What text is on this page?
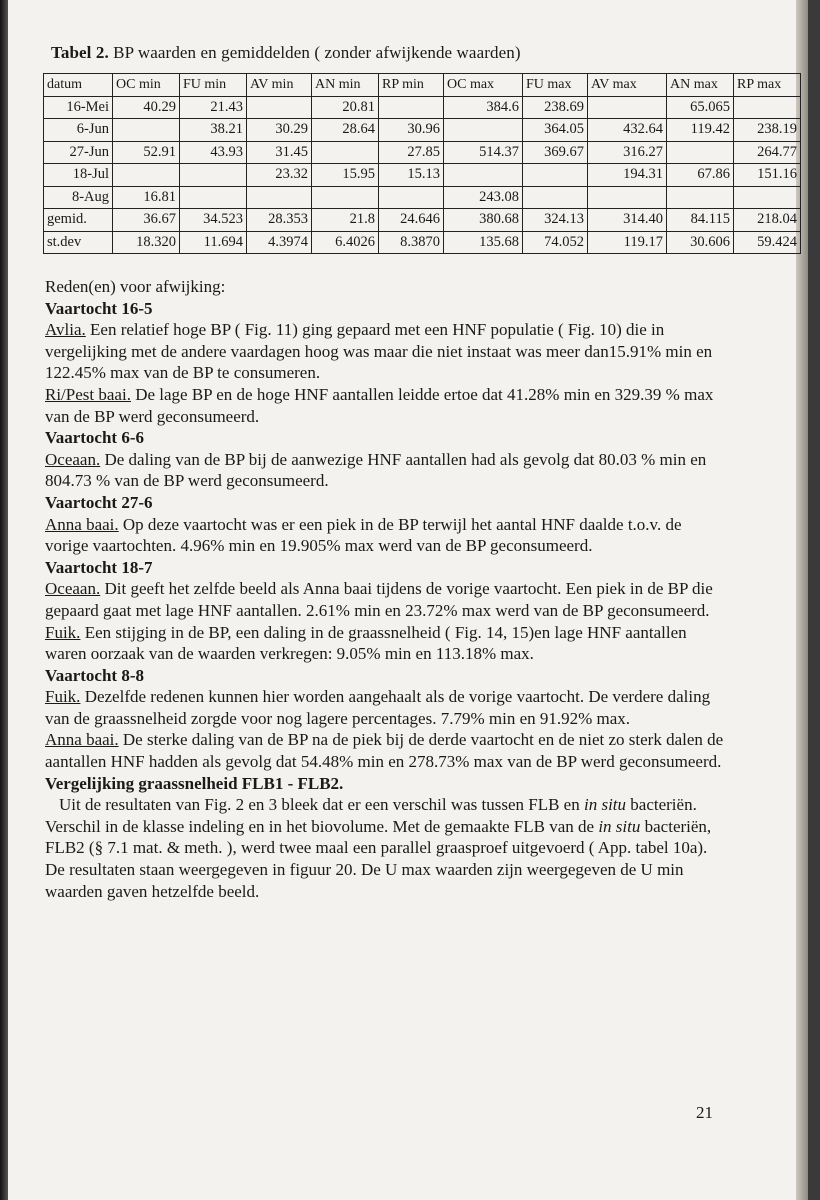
Tabel 2. BP waarden en gemiddelden ( zonder afwijkende waarden)
datum	OC min	FU min	AV min	AN min	RP min	OC max	FU max	AV max	AN max	RP max
16-Mei	40.29	21.43		20.81		384.6	238.69		65.065	
6-Jun		38.21	30.29	28.64	30.96		364.05	432.64	119.42	238.19
27-Jun	52.91	43.93	31.45		27.85	514.37	369.67	316.27		264.77
18-Jul			23.32	15.95	15.13			194.31	67.86	151.16
8-Aug	16.81					243.08				
gemid.	36.67	34.523	28.353	21.8	24.646	380.68	324.13	314.40	84.115	218.04
st.dev	18.320	11.694	4.3974	6.4026	8.3870	135.68	74.052	119.17	30.606	59.424

Reden(en) voor afwijking:

Vaartocht 16-5

Avlia. Een relatief hoge BP ( Fig. 11) ging gepaard met een HNF populatie ( Fig. 10) die in vergelijking met de andere vaardagen hoog was maar die niet instaat was meer dan15.91% min en 122.45% max van de BP te consumeren.

Ri/Pest baai. De lage BP en de hoge HNF aantallen leidde ertoe dat 41.28% min en 329.39 % max van de BP werd geconsumeerd.

Vaartocht 6-6

Oceaan. De daling van de BP bij de aanwezige HNF aantallen had als gevolg dat 80.03 % min en 804.73 % van de BP werd geconsumeerd.

Vaartocht 27-6

Anna baai. Op deze vaartocht was er een piek in de BP terwijl het aantal HNF daalde t.o.v. de vorige vaartochten. 4.96% min en 19.905% max werd van de BP geconsumeerd.

Vaartocht 18-7

Oceaan. Dit geeft het zelfde beeld als Anna baai tijdens de vorige vaartocht. Een piek in de BP die gepaard gaat met lage HNF aantallen. 2.61% min en 23.72% max werd van de BP geconsumeerd.

Fuik. Een stijging in de BP, een daling in de graassnelheid ( Fig. 14, 15)en lage HNF aantallen waren oorzaak van de waarden verkregen: 9.05% min en 113.18% max.

Vaartocht 8-8

Fuik. Dezelfde redenen kunnen hier worden aangehaalt als de vorige vaartocht. De verdere daling van de graassnelheid zorgde voor nog lagere percentages. 7.79% min en 91.92% max.

Anna baai. De sterke daling van de BP na de piek bij de derde vaartocht en de niet zo sterk dalen de aantallen HNF hadden als gevolg dat 54.48% min en 278.73% max van de BP werd geconsumeerd.

Vergelijking graassnelheid FLB1 - FLB2.

Uit de resultaten van Fig. 2 en 3 bleek dat er een verschil was tussen FLB en in situ bacteriën. Verschil in de klasse indeling en in het biovolume. Met de gemaakte FLB van de in situ bacteriën, FLB2 (§ 7.1 mat. & meth. ), werd twee maal een parallel graasproef uitgevoerd ( App. tabel 10a). De resultaten staan weergegeven in figuur 20. De U max waarden zijn weergegeven de U min waarden gaven hetzelfde beeld.

21
